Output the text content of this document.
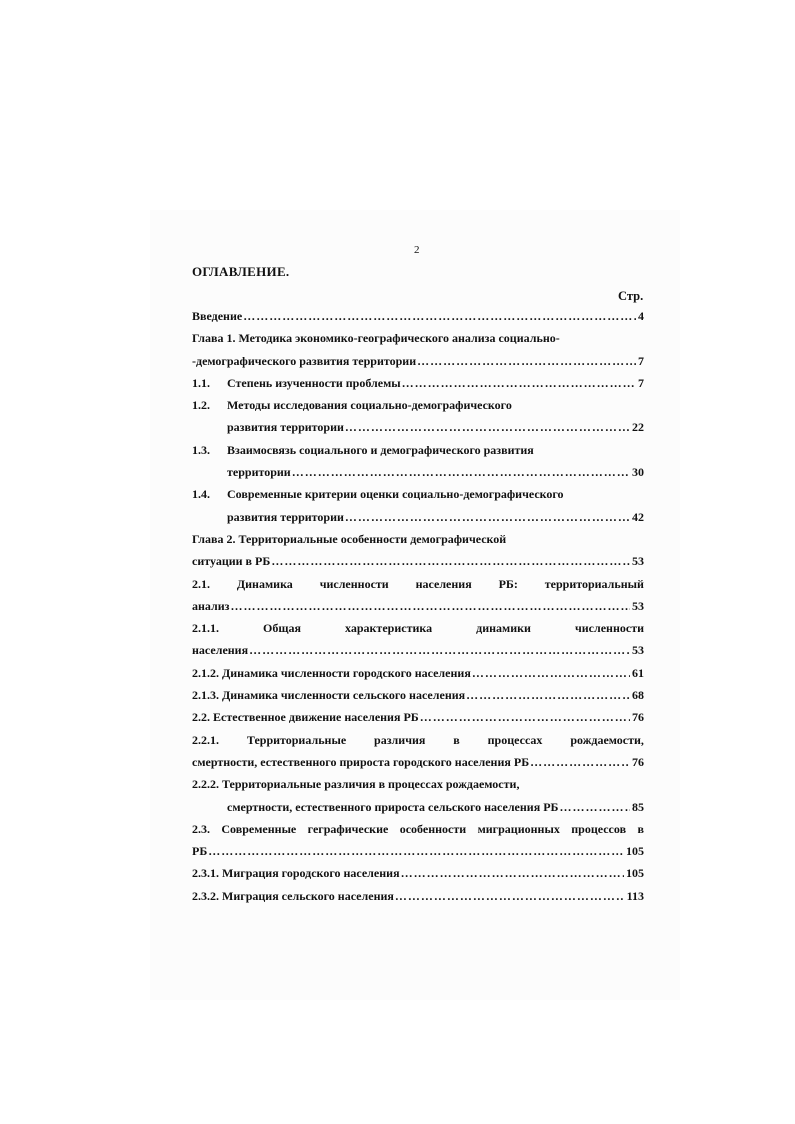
2
ОГЛАВЛЕНИЕ.
Стр.
Введение ……………………………………………………………………………………………………………………………………	4
Глава 1. Методика экономико-географического анализа социально-
-демографического развития территории ……………………………………………………………………………………………………………………………………	7
1.1.	Степень изученности проблемы ……………………………………………………………………………………………………………………………………	7
1.2.	Методы исследования социально-демографического
развития территории ……………………………………………………………………………………………………………………………………	22
1.3.	Взаимосвязь социального и демографического развития
территории ……………………………………………………………………………………………………………………………………	30
1.4.	Современные критерии оценки социально-демографического
развития территории ……………………………………………………………………………………………………………………………………	42
Глава 2. Территориальные особенности демографической
ситуации в РБ ……………………………………………………………………………………………………………………………………	53
2.1. Динамика численности населения РБ: территориальный
анализ ……………………………………………………………………………………………………………………………………	53
2.1.1.	Общая	характеристика	динамики	численности
населения ……………………………………………………………………………………………………………………………………	53
2.1.2. Динамика численности городского населения ……………………………………………………………………………………………………………………………………	61
2.1.3. Динамика численности сельского населения ……………………………………………………………………………………………………………………………………	68
2.2. Естественное движение населения РБ ……………………………………………………………………………………………………………………………………	76
2.2.1. Территориальные различия в процессах рождаемости,
смертности, естественного прироста городского населения РБ ……………………………………………………………………………………………………………………………………	76
2.2.2. Территориальные различия в процессах рождаемости,
смертности, естественного прироста сельского населения РБ ……………………………………………………………………………………………………………………………………	85
2.3. Современные геграфические особенности миграционных процессов в
РБ ……………………………………………………………………………………………………………………………………	105
2.3.1. Миграция городского населения ……………………………………………………………………………………………………………………………………	105
2.3.2. Миграция сельского населения ……………………………………………………………………………………………………………………………………	113
